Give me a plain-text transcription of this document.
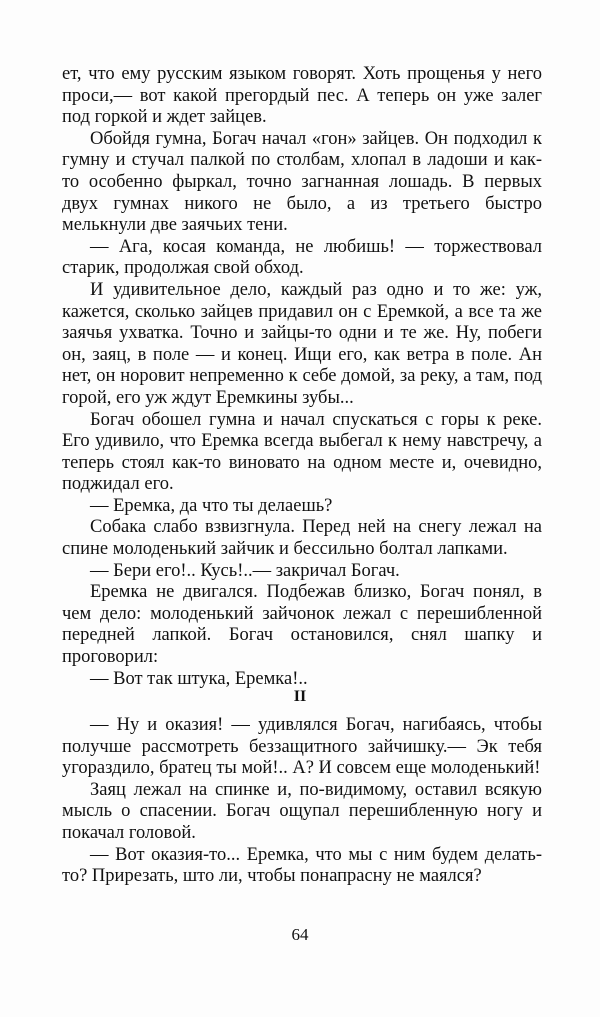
ет, что ему русским языком говорят. Хоть прощенья у него проси,— вот какой прегордый пес. А теперь он уже залег под горкой и ждет зайцев.

Обойдя гумна, Богач начал «гон» зайцев. Он подходил к гумну и стучал палкой по столбам, хлопал в ладоши и как-то особенно фыркал, точно загнанная лошадь. В первых двух гумнах никого не было, а из третьего быстро мелькнули две заячьих тени.

— Ага, косая команда, не любишь! — торжествовал старик, продолжая свой обход.

И удивительное дело, каждый раз одно и то же: уж, кажется, сколько зайцев придавил он с Еремкой, а все та же заячья ухватка. Точно и зайцы-то одни и те же. Ну, побеги он, заяц, в поле — и конец. Ищи его, как ветра в поле. Ан нет, он норовит непременно к себе домой, за реку, а там, под горой, его уж ждут Еремкины зубы...

Богач обошел гумна и начал спускаться с горы к реке. Его удивило, что Еремка всегда выбегал к нему навстречу, а теперь стоял как-то виновато на одном месте и, очевидно, поджидал его.

— Еремка, да что ты делаешь?

Собака слабо взвизгнула. Перед ней на снегу лежал на спине молоденький зайчик и бессильно болтал лапками.

— Бери его!.. Кусь!..— закричал Богач.

Еремка не двигался. Подбежав близко, Богач понял, в чем дело: молоденький зайчонок лежал с перешибленной передней лапкой. Богач остановился, снял шапку и проговорил:

— Вот так штука, Еремка!..

II

— Ну и оказия! — удивлялся Богач, нагибаясь, чтобы получше рассмотреть беззащитного зайчишку.— Эк тебя угораздило, братец ты мой!.. А? И совсем еще молоденький!

Заяц лежал на спинке и, по-видимому, оставил всякую мысль о спасении. Богач ощупал перешибленную ногу и покачал головой.

— Вот оказия-то... Еремка, что мы с ним будем делать-то? Прирезать, што ли, чтобы понапрасну не маялся?

64
